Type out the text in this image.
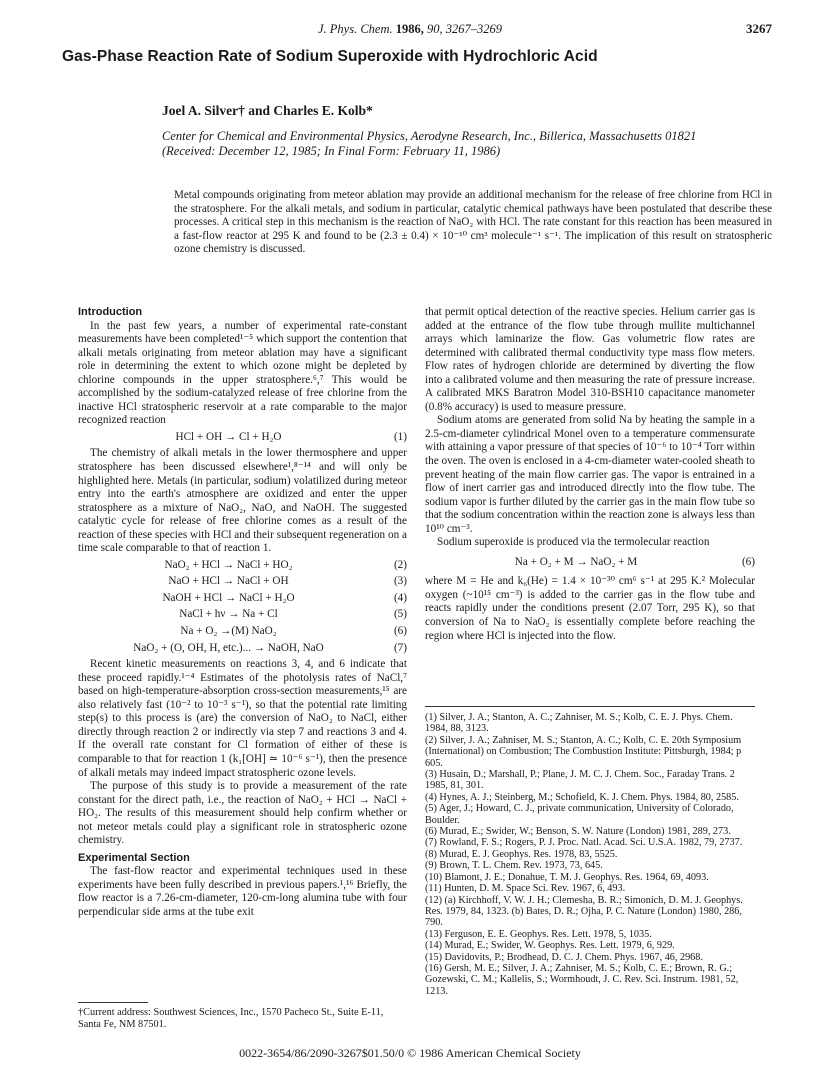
J. Phys. Chem. 1986, 90, 3267–3269	3267
Gas-Phase Reaction Rate of Sodium Superoxide with Hydrochloric Acid
Joel A. Silver† and Charles E. Kolb*
Center for Chemical and Environmental Physics, Aerodyne Research, Inc., Billerica, Massachusetts 01821
(Received: December 12, 1985; In Final Form: February 11, 1986)
Metal compounds originating from meteor ablation may provide an additional mechanism for the release of free chlorine from HCl in the stratosphere. For the alkali metals, and sodium in particular, catalytic chemical pathways have been postulated that describe these processes. A critical step in this mechanism is the reaction of NaO₂ with HCl. The rate constant for this reaction has been measured in a fast-flow reactor at 295 K and found to be (2.3 ± 0.4) × 10⁻¹⁰ cm³ molecule⁻¹ s⁻¹. The implication of this result on stratospheric ozone chemistry is discussed.
Introduction

In the past few years, a number of experimental rate-constant measurements have been completed¹⁻⁵ which support the contention that alkali metals originating from meteor ablation may have a significant role in determining the extent to which ozone might be depleted by chlorine compounds in the upper stratosphere.⁶,⁷ This would be accomplished by the sodium-catalyzed release of free chlorine from the inactive HCl stratospheric reservoir at a rate comparable to the major recognized reaction

HCl + OH → Cl + H₂O	(1)

The chemistry of alkali metals in the lower thermosphere and upper stratosphere has been discussed elsewhere¹,⁸⁻¹⁴ and will only be highlighted here. Metals (in particular, sodium) volatilized during meteor entry into the earth's atmosphere are oxidized and enter the upper stratosphere as a mixture of NaO₂, NaO, and NaOH. The suggested catalytic cycle for release of free chlorine comes as a result of the reaction of these species with HCl and their subsequent regeneration on a time scale comparable to that of reaction 1.

NaO₂ + HCl → NaCl + HO₂	(2)
NaO + HCl → NaCl + OH	(3)
NaOH + HCl → NaCl + H₂O	(4)
NaCl + hν → Na + Cl	(5)
Na + O₂ →(M) NaO₂	(6)
NaO₂ + (O, OH, H, etc.)... → NaOH, NaO	(7)

Recent kinetic measurements on reactions 3, 4, and 6 indicate that these proceed rapidly.¹⁻⁴ Estimates of the photolysis rates of NaCl,⁷ based on high-temperature-absorption cross-section measurements,¹⁵ are also relatively fast (10⁻² to 10⁻³ s⁻¹), so that the potential rate limiting step(s) to this process is (are) the conversion of NaO₂ to NaCl, either directly through reaction 2 or indirectly via step 7 and reactions 3 and 4. If the overall rate constant for Cl formation of either of these is comparable to that for reaction 1 (k₁[OH] ≃ 10⁻⁶ s⁻¹), then the presence of alkali metals may indeed impact stratospheric ozone levels.

The purpose of this study is to provide a measurement of the rate constant for the direct path, i.e., the reaction of NaO₂ + HCl → NaCl + HO₂. The results of this measurement should help confirm whether or not meteor metals could play a significant role in stratospheric ozone chemistry.

Experimental Section

The fast-flow reactor and experimental techniques used in these experiments have been fully described in previous papers.¹,¹⁶ Briefly, the flow reactor is a 7.26-cm-diameter, 120-cm-long alumina tube with four perpendicular side arms at the tube exit

†Current address: Southwest Sciences, Inc., 1570 Pacheco St., Suite E-11, Santa Fe, NM 87501.

that permit optical detection of the reactive species. Helium carrier gas is added at the entrance of the flow tube through mullite multichannel arrays which laminarize the flow. Gas volumetric flow rates are determined with calibrated thermal conductivity type mass flow meters. Flow rates of hydrogen chloride are determined by diverting the flow into a calibrated volume and then measuring the rate of pressure increase. A calibrated MKS Baratron Model 310-BSH10 capacitance manometer (0.8% accuracy) is used to measure pressure.

Sodium atoms are generated from solid Na by heating the sample in a 2.5-cm-diameter cylindrical Monel oven to a temperature commensurate with attaining a vapor pressure of that species of 10⁻⁶ to 10⁻⁴ Torr within the oven. The oven is enclosed in a 4-cm-diameter water-cooled sheath to prevent heating of the main flow carrier gas. The vapor is entrained in a flow of inert carrier gas and introduced directly into the flow tube. The sodium vapor is further diluted by the carrier gas in the main flow tube so that the sodium concentration within the reaction zone is always less than 10¹⁰ cm⁻³.

Sodium superoxide is produced via the termolecular reaction

Na + O₂ + M → NaO₂ + M	(6)

where M = He and k₆(He) = 1.4 × 10⁻³⁰ cm⁶ s⁻¹ at 295 K.² Molecular oxygen (~10¹⁵ cm⁻³) is added to the carrier gas in the flow tube and reacts rapidly under the conditions present (2.07 Torr, 295 K), so that conversion of Na to NaO₂ is essentially complete before reaching the region where HCl is injected into the flow.

(1) Silver, J. A.; Stanton, A. C.; Zahniser, M. S.; Kolb, C. E. J. Phys. Chem. 1984, 88, 3123.
(2) Silver, J. A.; Zahniser, M. S.; Stanton, A. C.; Kolb, C. E. 20th Symposium (International) on Combustion; The Combustion Institute: Pittsburgh, 1984; p 605.
(3) Husain, D.; Marshall, P.; Plane, J. M. C. J. Chem. Soc., Faraday Trans. 2 1985, 81, 301.
(4) Hynes, A. J.; Steinberg, M.; Schofield, K. J. Chem. Phys. 1984, 80, 2585.
(5) Ager, J.; Howard, C. J., private communication, University of Colorado, Boulder.
(6) Murad, E.; Swider, W.; Benson, S. W. Nature (London) 1981, 289, 273.
(7) Rowland, F. S.; Rogers, P. J. Proc. Natl. Acad. Sci. U.S.A. 1982, 79, 2737.
(8) Murad, E. J. Geophys. Res. 1978, 83, 5525.
(9) Brown, T. L. Chem. Rev. 1973, 73, 645.
(10) Blamont, J. E.; Donahue, T. M. J. Geophys. Res. 1964, 69, 4093.
(11) Hunten, D. M. Space Sci. Rev. 1967, 6, 493.
(12) (a) Kirchhoff, V. W. J. H.; Clemesha, B. R.; Simonich, D. M. J. Geophys. Res. 1979, 84, 1323. (b) Bates, D. R.; Ojha, P. C. Nature (London) 1980, 286, 790.
(13) Ferguson, E. E. Geophys. Res. Lett. 1978, 5, 1035.
(14) Murad, E.; Swider, W. Geophys. Res. Lett. 1979, 6, 929.
(15) Davidovits, P.; Brodhead, D. C. J. Chem. Phys. 1967, 46, 2968.
(16) Gersh, M. E.; Silver, J. A.; Zahniser, M. S.; Kolb, C. E.; Brown, R. G.; Gozewski, C. M.; Kallelis, S.; Wormhoudt, J. C. Rev. Sci. Instrum. 1981, 52, 1213.
0022-3654/86/2090-3267$01.50/0 © 1986 American Chemical Society
